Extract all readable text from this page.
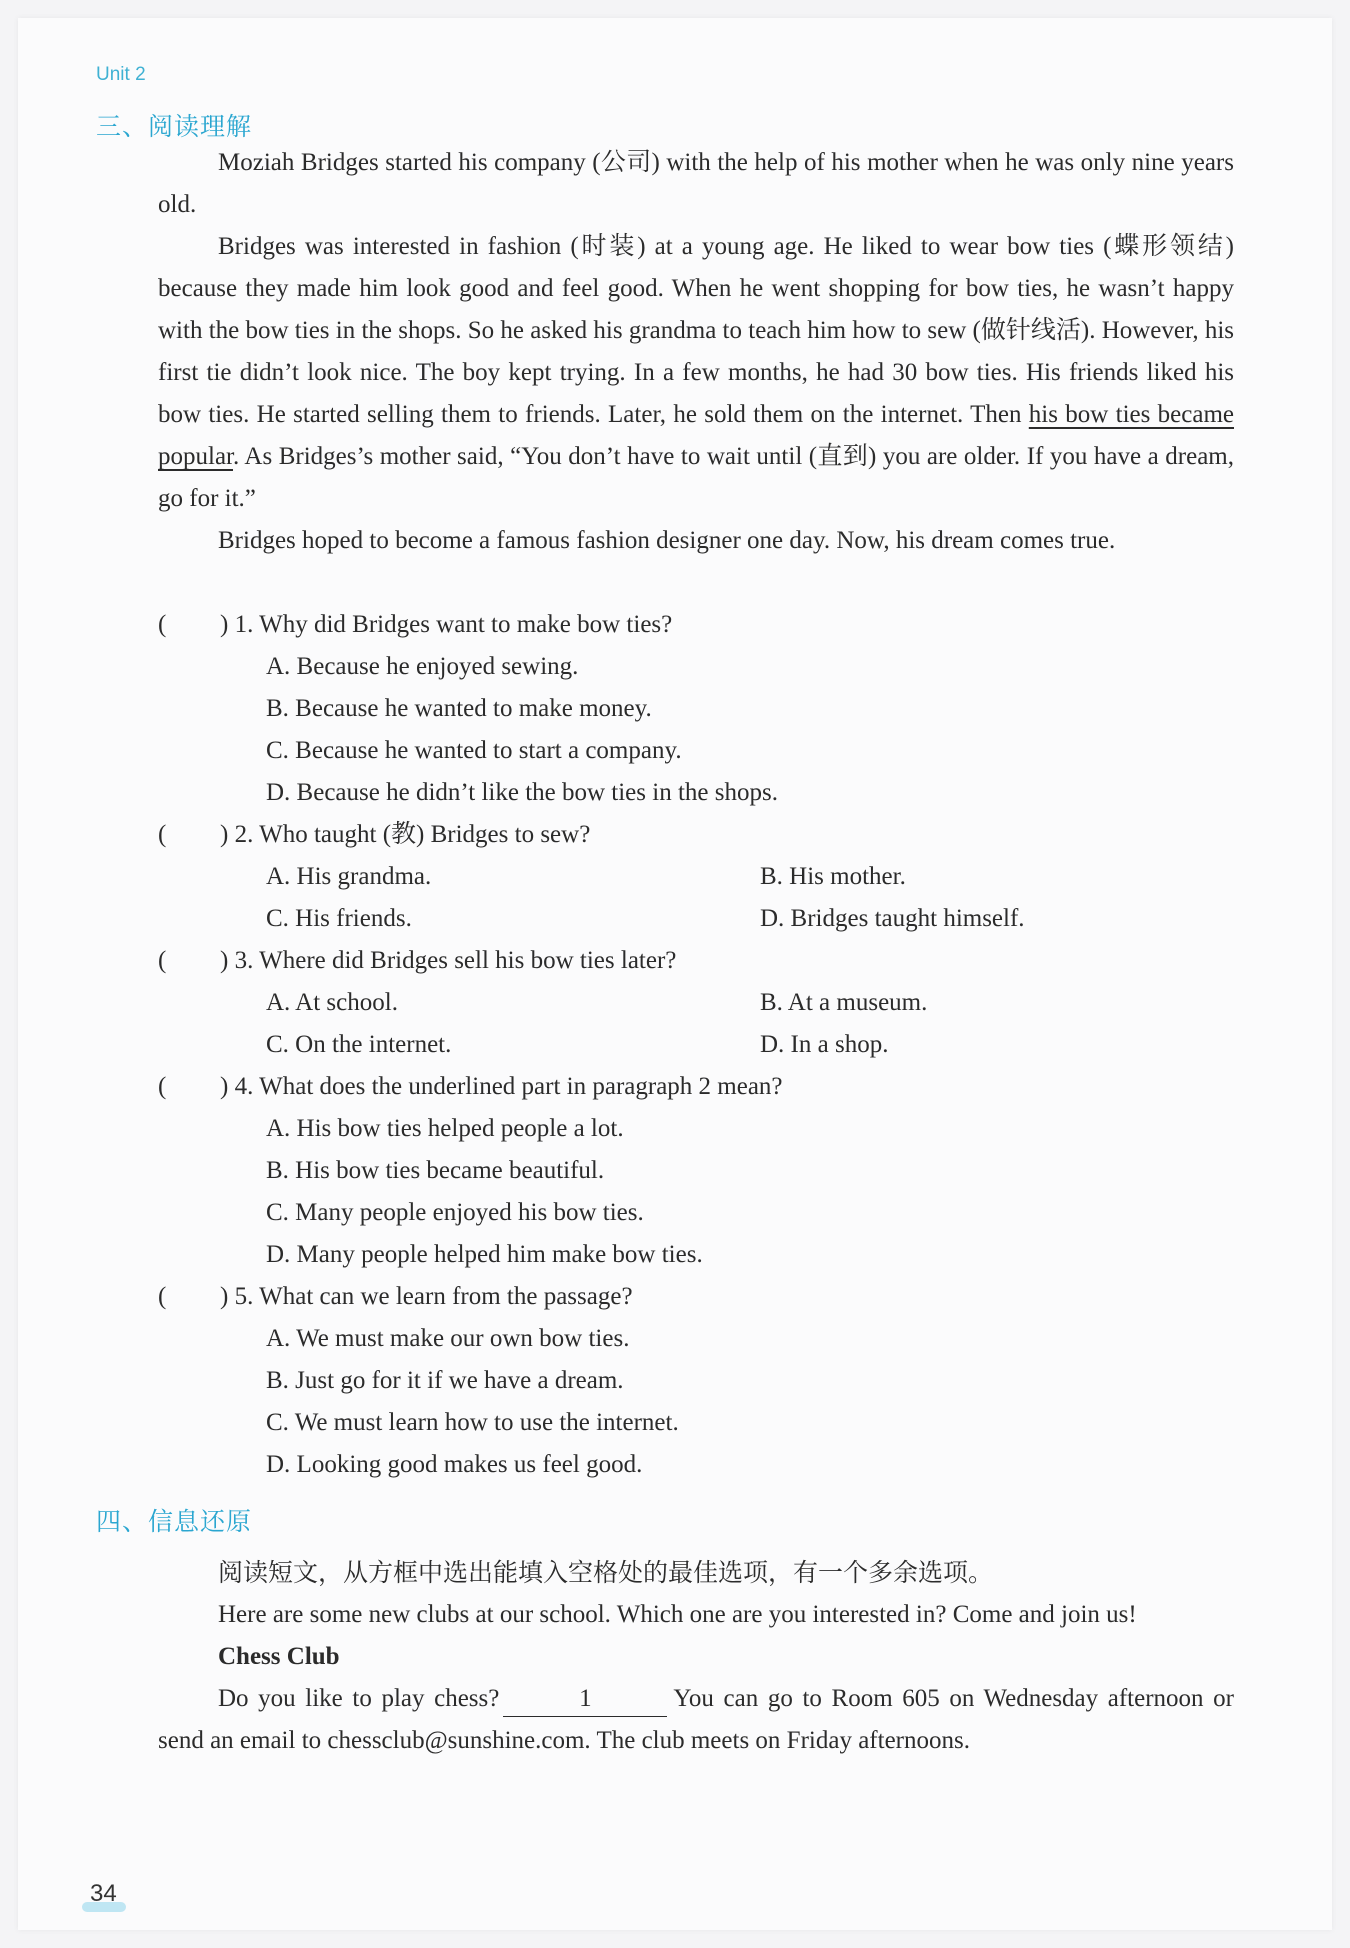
Unit 2
三、阅读理解

Moziah Bridges started his company (公司) with the help of his mother when he was only nine years old.

Bridges was interested in fashion (时装) at a young age. He liked to wear bow ties (蝶形领结) because they made him look good and feel good. When he went shopping for bow ties, he wasn’t happy with the bow ties in the shops. So he asked his grandma to teach him how to sew (做针线活). However, his first tie didn’t look nice. The boy kept trying. In a few months, he had 30 bow ties. His friends liked his bow ties. He started selling them to friends. Later, he sold them on the internet. Then his bow ties became popular. As Bridges’s mother said, “You don’t have to wait until (直到) you are older. If you have a dream, go for it.”

Bridges hoped to become a famous fashion designer one day. Now, his dream comes true.

( ) 1. Why did Bridges want to make bow ties?
A. Because he enjoyed sewing.
B. Because he wanted to make money.
C. Because he wanted to start a company.
D. Because he didn’t like the bow ties in the shops.
( ) 2. Who taught (教) Bridges to sew?
A. His grandma.	B. His mother.
C. His friends.	D. Bridges taught himself.
( ) 3. Where did Bridges sell his bow ties later?
A. At school.	B. At a museum.
C. On the internet.	D. In a shop.
( ) 4. What does the underlined part in paragraph 2 mean?
A. His bow ties helped people a lot.
B. His bow ties became beautiful.
C. Many people enjoyed his bow ties.
D. Many people helped him make bow ties.
( ) 5. What can we learn from the passage?
A. We must make our own bow ties.
B. Just go for it if we have a dream.
C. We must learn how to use the internet.
D. Looking good makes us feel good.
四、信息还原

阅读短文，从方框中选出能填入空格处的最佳选项，有一个多余选项。

Here are some new clubs at our school. Which one are you interested in? Come and join us!

Chess Club

Do you like to play chess?	1	You can go to Room 605 on Wednesday afternoon or send an email to chessclub@sunshine.com. The club meets on Friday afternoons.

34
